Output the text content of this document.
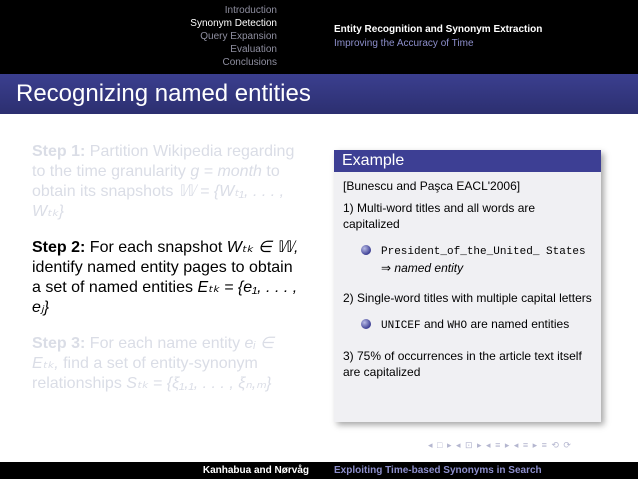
Introduction
Synonym Detection
Query Expansion
Evaluation
Conclusions
Entity Recognition and Synonym Extraction
Improving the Accuracy of Time
Recognizing named entities
Step 1: Partition Wikipedia regarding to the time granularity g = month to obtain its snapshots 𝕎 = {Wₜ₁, . . . , Wₜₖ}
Step 2: For each snapshot Wₜₖ ∈ 𝕎, identify named entity pages to obtain a set of named entities Eₜₖ = {e₁, . . . , eⱼ}
Step 3: For each name entity eᵢ ∈ Eₜₖ, find a set of entity-synonym relationships Sₜₖ = {ξ₁,₁, . . . , ξₙ,ₘ}
Example

[Bunescu and Paşca EACL'2006]

1) Multi-word titles and all words are capitalized

President_of_the_United_ States ⇒ named entity

2) Single-word titles with multiple capital letters

UNICEF and WHO are named entities

3) 75% of occurrences in the article text itself are capitalized

◂ □ ▸ ◂ ⊡ ▸ ◂ ≡ ▸ ◂ ≡ ▸ ≡ ⟲ ⟳
Kanhabua and Nørvåg	Exploiting Time-based Synonyms in Search
